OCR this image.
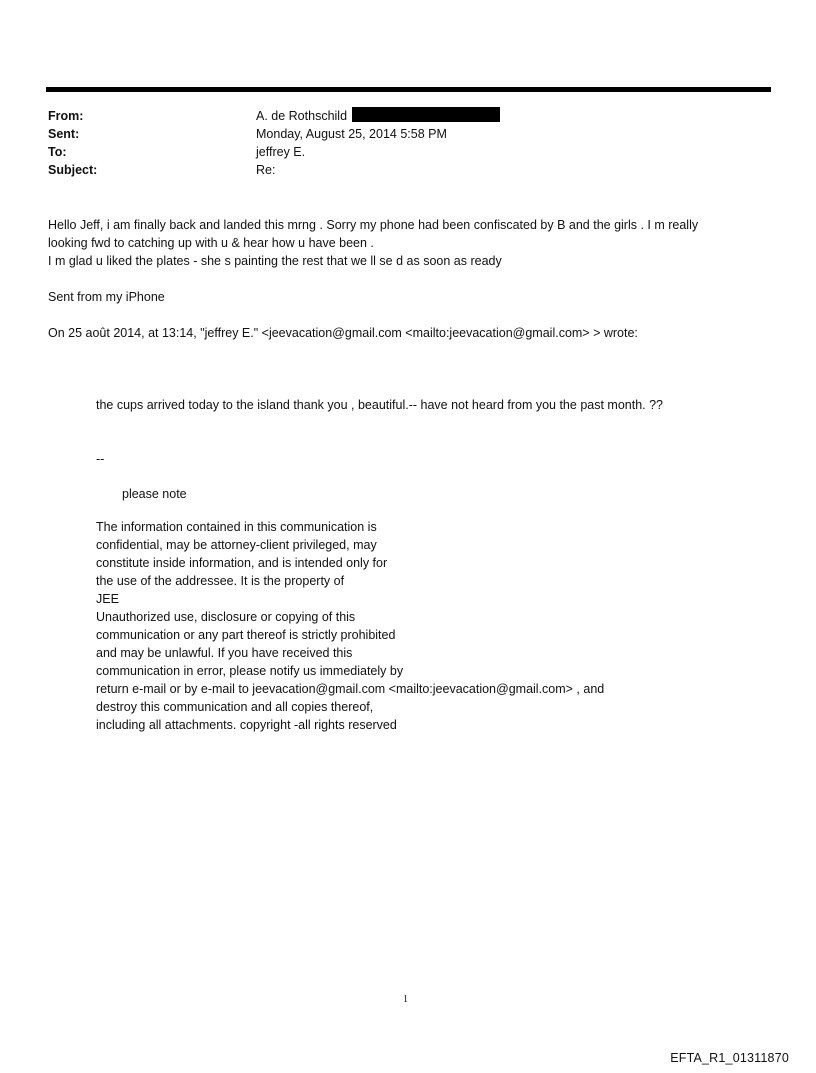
From:	A. de Rothschild
Sent:	Monday, August 25, 2014 5:58 PM
To:	jeffrey E.
Subject:	Re:
Hello Jeff, i am finally back and landed this mrng . Sorry my phone had been confiscated by B and the girls . I m really
looking fwd to catching up with u & hear how u have been .
I m glad u liked the plates - she s painting the rest that we ll se d as soon as ready
Sent from my iPhone
On 25 août 2014, at 13:14, "jeffrey E." <jeevacation@gmail.com <mailto:jeevacation@gmail.com> > wrote:
the cups arrived today to the island thank you , beautiful.-- have not heard from you the past month. ??
--
please note
The information contained in this communication is
confidential, may be attorney-client privileged, may
constitute inside information, and is intended only for
the use of the addressee. It is the property of
JEE
Unauthorized use, disclosure or copying of this
communication or any part thereof is strictly prohibited
and may be unlawful. If you have received this
communication in error, please notify us immediately by
return e-mail or by e-mail to jeevacation@gmail.com <mailto:jeevacation@gmail.com> , and
destroy this communication and all copies thereof,
including all attachments. copyright -all rights reserved
1
EFTA_R1_01311870
